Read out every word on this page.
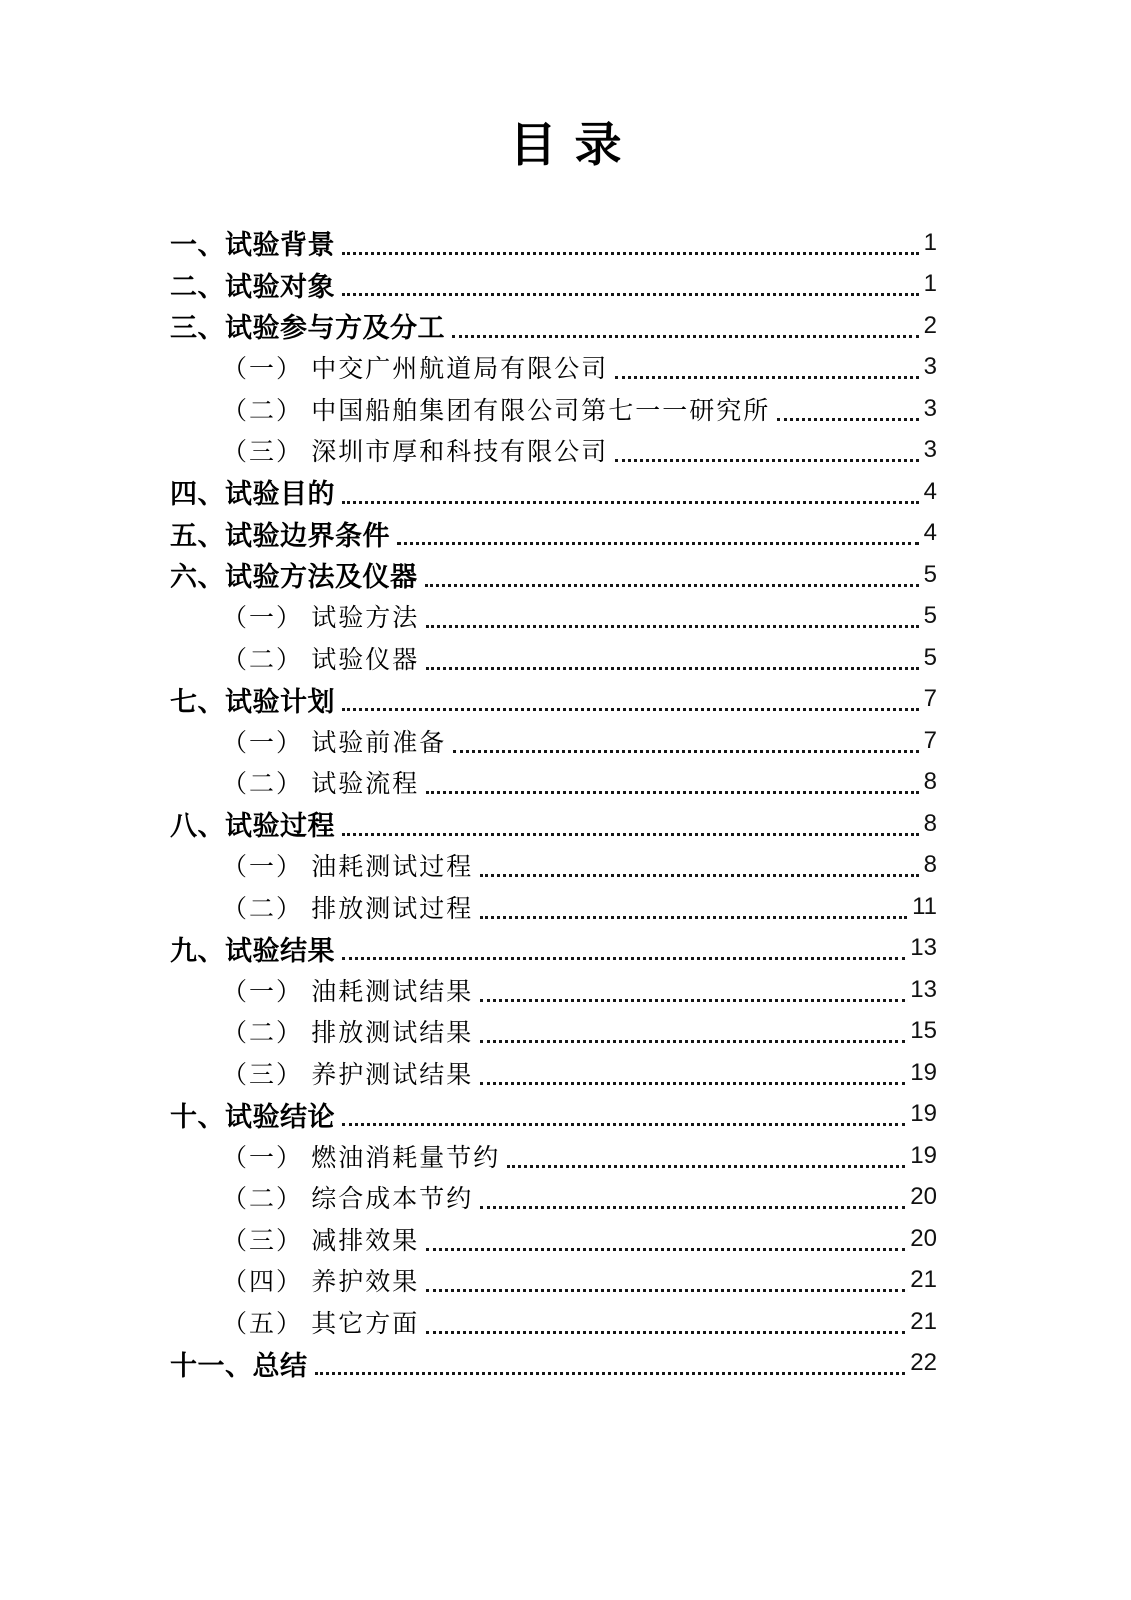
目录
一、试验背景	1
二、试验对象	1
三、试验参与方及分工	2
（一） 中交广州航道局有限公司	3
（二） 中国船舶集团有限公司第七一一研究所	3
（三） 深圳市厚和科技有限公司	3
四、试验目的	4
五、试验边界条件	4
六、试验方法及仪器	5
（一） 试验方法	5
（二） 试验仪器	5
七、试验计划	7
（一） 试验前准备	7
（二） 试验流程	8
八、试验过程	8
（一） 油耗测试过程	8
（二） 排放测试过程	11
九、试验结果	13
（一） 油耗测试结果	13
（二） 排放测试结果	15
（三） 养护测试结果	19
十、试验结论	19
（一） 燃油消耗量节约	19
（二） 综合成本节约	20
（三） 减排效果	20
（四） 养护效果	21
（五） 其它方面	21
十一、总结	22
